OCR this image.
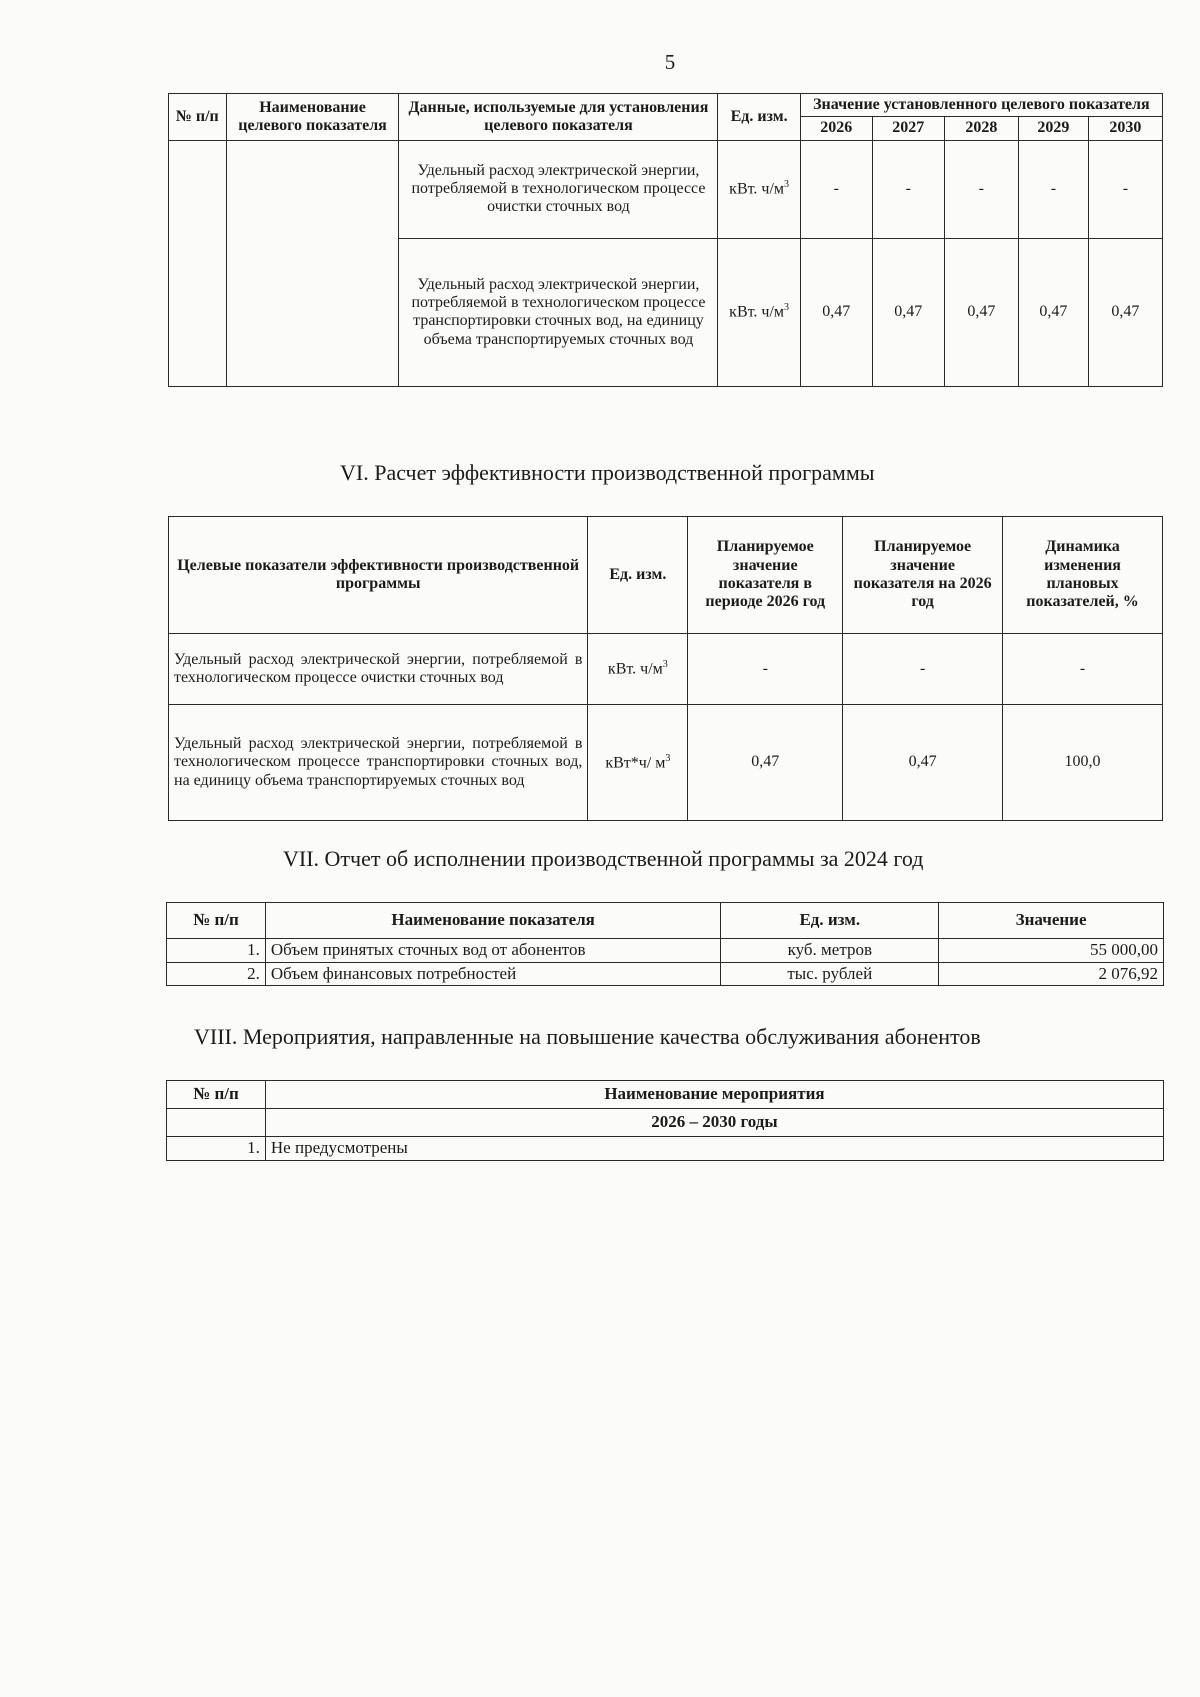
5
№ п/п	Наименование целевого показателя	Данные, используемые для установления целевого показателя	Ед. изм.	Значение установленного целевого показателя				
				2026	2027	2028	2029	2030
		Удельный расход электрической энергии, потребляемой в технологическом процессе очистки сточных вод	кВт. $ч/м^3$	-	-	-	-	-
		Удельный расход электрической энергии, потребляемой в технологическом процессе транспортировки сточных вод, на единицу объема транспортируемых сточных вод	кВт. $ч/м^3$	0,47	0,47	0,47	0,47	0,47
VI. Расчет эффективности производственной программы
Целевые показатели эффективности производственной программы	Ед. изм.	Планируемое значение показателя в периоде 2026 год	Планируемое значение показателя на 2026 год	Динамика изменения плановых показателей, %
Удельный расход электрической энергии, потребляемой в технологическом процессе очистки сточных вод	кВт. $ч/м^3$	-	-	-
Удельный расход электрической энергии, потребляемой в технологическом процессе транспортировки сточных вод, на единицу объема транспортируемых сточных вод	кВт*ч/ $м^3$	0,47	0,47	100,0
VII. Отчет об исполнении производственной программы за 2024 год
№ п/п	Наименование показателя	Ед. изм.	Значение
1.	Объем принятых сточных вод от абонентов	куб. метров	55 000,00
2.	Объем финансовых потребностей	тыс. рублей	2 076,92
VIII. Мероприятия, направленные на повышение качества обслуживания абонентов
№ п/п	Наименование мероприятия
	2026 – 2030 годы
1.	Не предусмотрены
